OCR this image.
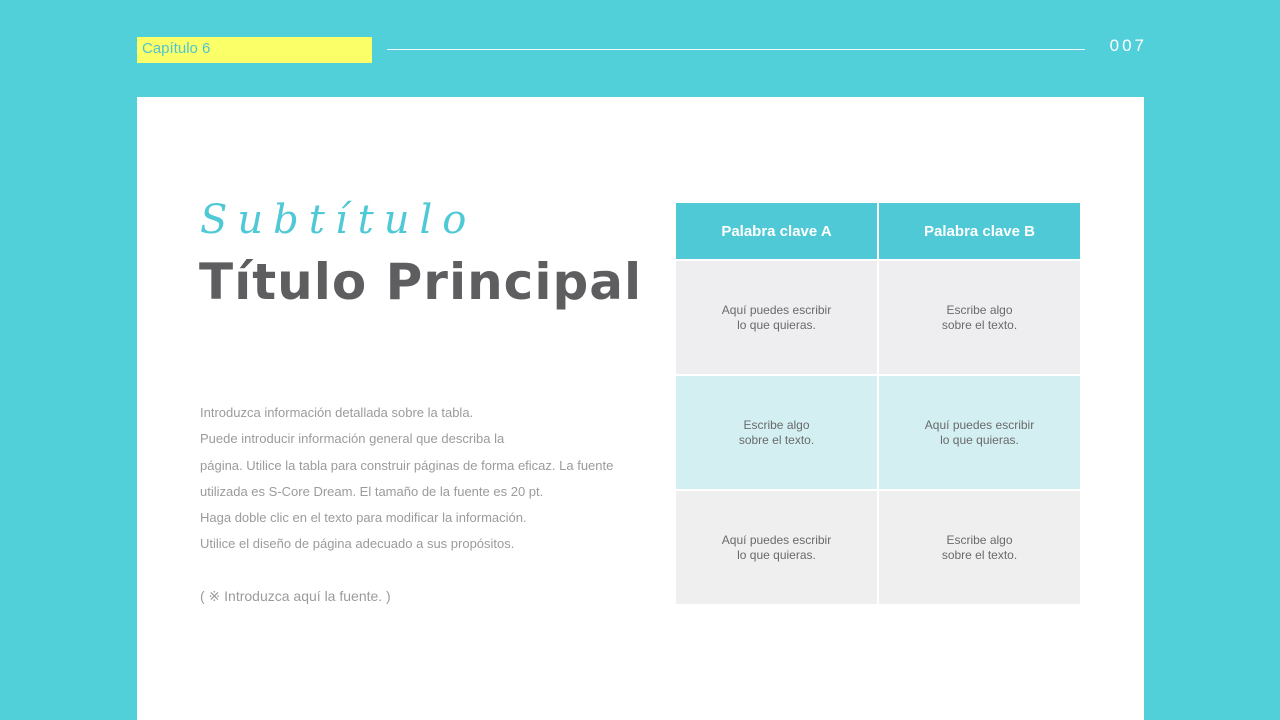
Capítulo 6	007
Subtítulo
Título Principal
Introduzca información detallada sobre la tabla.
Puede introducir información general que describa la
página. Utilice la tabla para construir páginas de forma eficaz. La fuente
utilizada es S-Core Dream. El tamaño de la fuente es 20 pt.
Haga doble clic en el texto para modificar la información.
Utilice el diseño de página adecuado a sus propósitos.
( ※ Introduzca aquí la fuente. )
Palabra clave A	Palabra clave B
Aquí puedes escribir
lo que quieras.
Escribe algo
sobre el texto.
Escribe algo
sobre el texto.
Aquí puedes escribir
lo que quieras.
Aquí puedes escribir
lo que quieras.
Escribe algo
sobre el texto.
